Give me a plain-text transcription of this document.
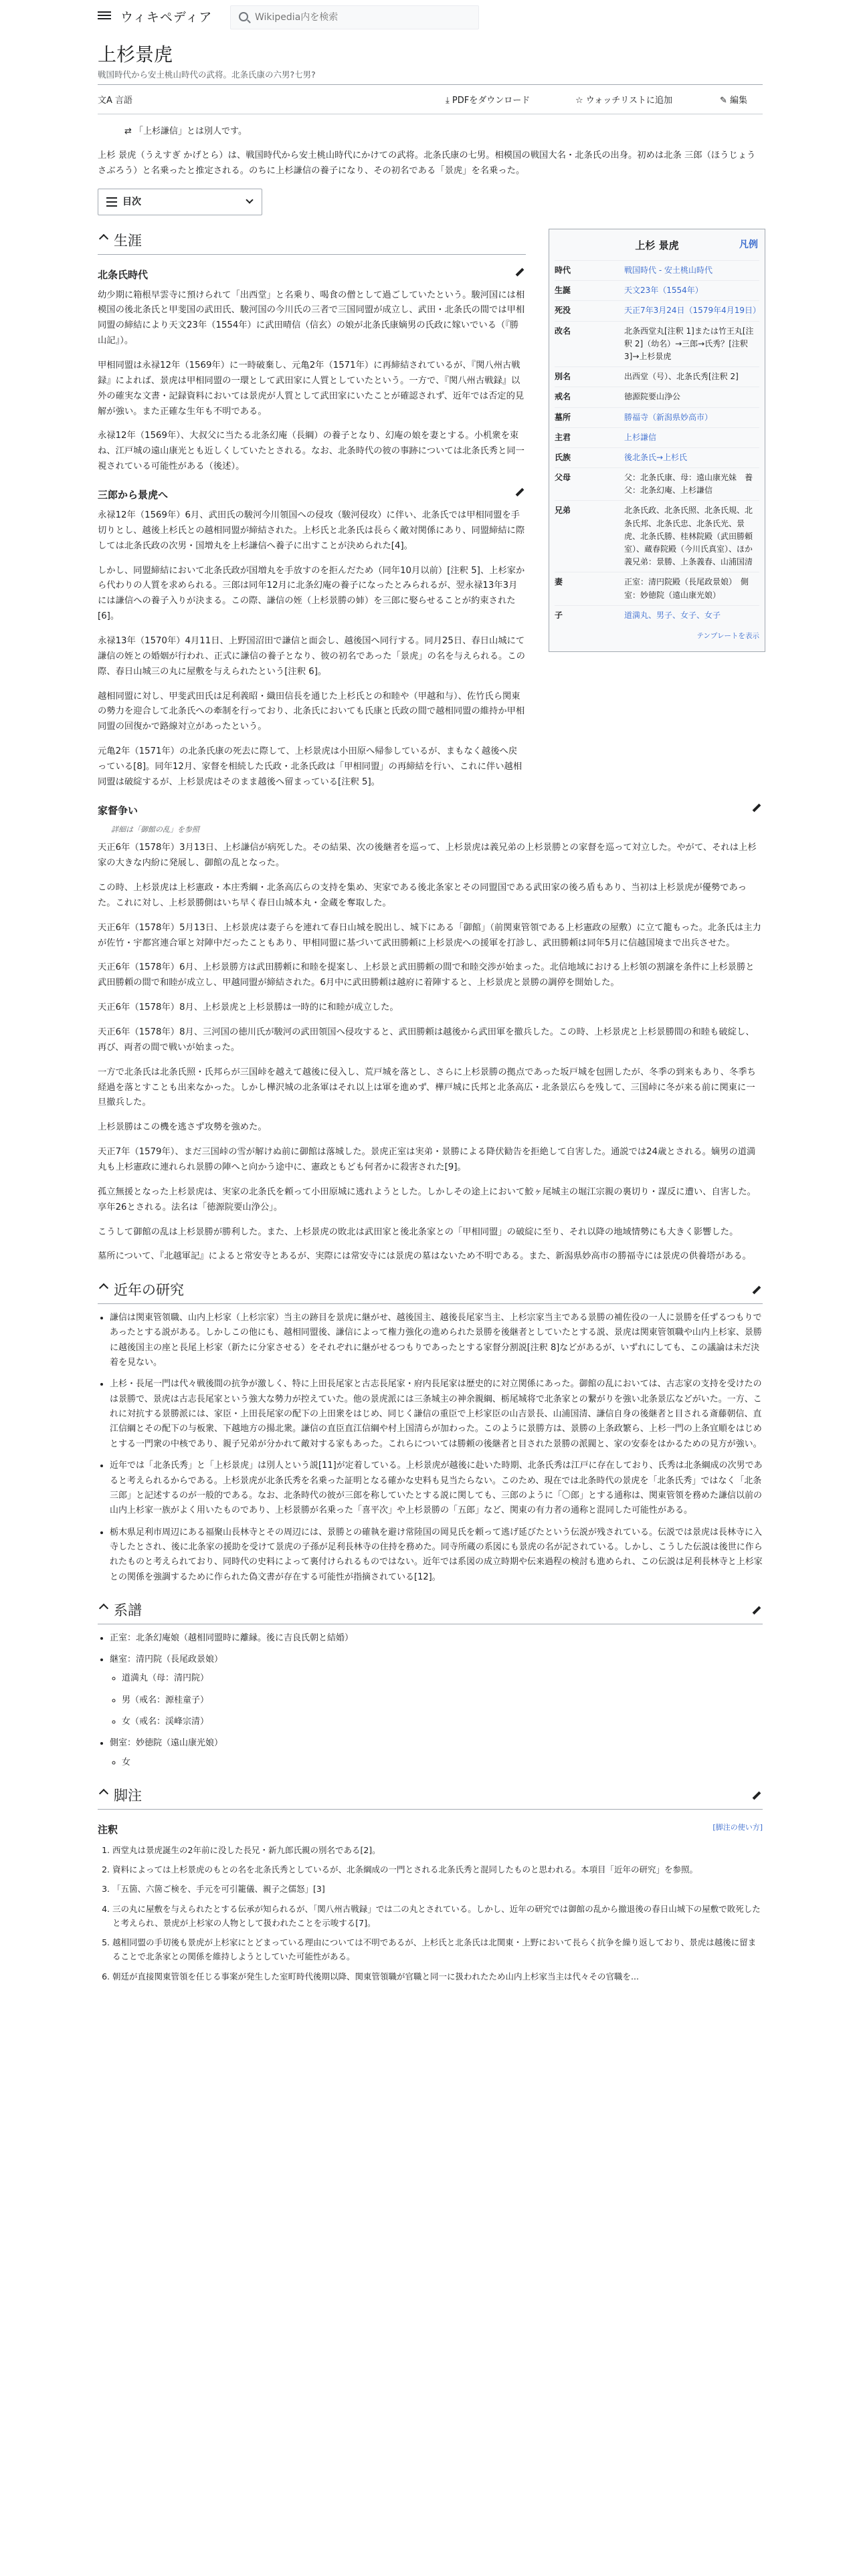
ウィキペディア
Wikipedia内を検索
上杉景虎
戦国時代から安土桃山時代の武将。北条氏康の六男?七男?
文A 言語	⤓ PDFをダウンロード	☆ ウォッチリストに追加	✎ 編集
⇄ 「上杉謙信」とは別人です。

上杉 景虎（うえすぎ かげとら）は、戦国時代から安土桃山時代にかけての武将。北条氏康の七男。相模国の戦国大名・北条氏の出身。初めは北条 三郎（ほうじょう さぶろう）と名乗ったと推定される。のちに上杉謙信の養子になり、その初名である「景虎」を名乗った。

目次
生涯
北条氏時代

幼少期に箱根早雲寺に預けられて「出西堂」と名乗り、喝食の僧として過ごしていたという。駿河国には相模国の後北条氏と甲斐国の武田氏、駿河国の今川氏の三者で三国同盟が成立し、武田・北条氏の間では甲相同盟の締結により天文23年（1554年）に武田晴信（信玄）の娘が北条氏康嫡男の氏政に嫁いでいる（『勝山記』）。

甲相同盟は永禄12年（1569年）に一時破棄し、元亀2年（1571年）に再締結されているが、『関八州古戦録』によれば、景虎は甲相同盟の一環として武田家に人質としていたという。一方で、『関八州古戦録』以外の確実な文書・記録資料においては景虎が人質として武田家にいたことが確認されず、近年では否定的見解が強い。また正確な生年も不明である。

永禄12年（1569年）、大叔父に当たる北条幻庵（長綱）の養子となり、幻庵の娘を妻とする。小机衆を束ね、江戸城の遠山康光とも近しくしていたとされる。なお、北条時代の彼の事跡については北条氏秀と同一視されている可能性がある（後述）。

三郎から景虎へ

永禄12年（1569年）6月、武田氏の駿河今川領国への侵攻（駿河侵攻）に伴い、北条氏では甲相同盟を手切りとし、越後上杉氏との越相同盟が締結された。上杉氏と北条氏は長らく敵対関係にあり、同盟締結に際しては北条氏政の次男・国増丸を上杉謙信へ養子に出すことが決められた[4]。

しかし、同盟締結において北条氏政が国増丸を手放すのを拒んだため（同年10月以前）[注釈 5]、上杉家から代わりの人質を求められる。三郎は同年12月に北条幻庵の養子になったとみられるが、翌永禄13年3月には謙信への養子入りが決まる。この際、謙信の姪（上杉景勝の姉）を三郎に娶らせることが約束された[6]。

永禄13年（1570年）4月11日、上野国沼田で謙信と面会し、越後国へ同行する。同月25日、春日山城にて謙信の姪との婚姻が行われ、正式に謙信の養子となり、彼の初名であった「景虎」の名を与えられる。この際、春日山城三の丸に屋敷を与えられたという[注釈 6]。

越相同盟に対し、甲斐武田氏は足利義昭・織田信長を通じた上杉氏との和睦や（甲越和与）、佐竹氏ら関東の勢力を迎合して北条氏への牽制を行っており、北条氏においても氏康と氏政の間で越相同盟の維持か甲相同盟の回復かで路線対立があったという。

元亀2年（1571年）の北条氏康の死去に際して、上杉景虎は小田原へ帰参しているが、まもなく越後へ戻っている[8]。同年12月、家督を相続した氏政・北条氏政は「甲相同盟」の再締結を行い、これに伴い越相同盟は破綻するが、上杉景虎はそのまま越後へ留まっている[注釈 5]。

家督争い
詳細は「御館の乱」を参照

天正6年（1578年）3月13日、上杉謙信が病死した。その結果、次の後継者を巡って、上杉景虎は義兄弟の上杉景勝との家督を巡って対立した。やがて、それは上杉家の大きな内紛に発展し、御館の乱となった。

この時、上杉景虎は上杉憲政・本庄秀綱・北条高広らの支持を集め、実家である後北条家とその同盟国である武田家の後ろ盾もあり、当初は上杉景虎が優勢であった。これに対し、上杉景勝側はいち早く春日山城本丸・金蔵を奪取した。

天正6年（1578年）5月13日、上杉景虎は妻子らを連れて春日山城を脱出し、城下にある「御館」（前関東管領である上杉憲政の屋敷）に立て籠もった。北条氏は主力が佐竹・宇都宮連合軍と対陣中だったこともあり、甲相同盟に基づいて武田勝頼に上杉景虎への援軍を打診し、武田勝頼は同年5月に信越国境まで出兵させた。

天正6年（1578年）6月、上杉景勝方は武田勝頼に和睦を提案し、上杉景と武田勝頼の間で和睦交渉が始まった。北信地域における上杉領の割譲を条件に上杉景勝と武田勝頼の間で和睦が成立し、甲越同盟が締結された。6月中に武田勝頼は越府に着陣すると、上杉景虎と景勝の調停を開始した。

天正6年（1578年）8月、上杉景虎と上杉景勝は一時的に和睦が成立した。

天正6年（1578年）8月、三河国の徳川氏が駿河の武田領国へ侵攻すると、武田勝頼は越後から武田軍を撤兵した。この時、上杉景虎と上杉景勝間の和睦も破綻し、再び、両者の間で戦いが始まった。

一方で北条氏は北条氏照・氏邦らが三国峠を越えて越後に侵入し、荒戸城を落とし、さらに上杉景勝の拠点であった坂戸城を包囲したが、冬季の到来もあり、冬季ち経過を落とすことも出来なかった。しかし樺沢城の北条軍はそれ以上は軍を進めず、樺戸城に氏邦と北条高広・北条景広らを残して、三国峠に冬が来る前に関東に一旦撤兵した。

上杉景勝はこの機を逃さず攻勢を強めた。

天正7年（1579年）、まだ三国峠の雪が解けぬ前に御館は落城した。景虎正室は実弟・景勝による降伏勧告を拒絶して自害した。通説では24歳とされる。嫡男の道満丸も上杉憲政に連れられ景勝の陣へと向かう途中に、憲政ともども何者かに殺害された[9]。

孤立無援となった上杉景虎は、実家の北条氏を頼って小田原城に逃れようとした。しかしその途上において鮫ヶ尾城主の堀江宗親の裏切り・謀反に遭い、自害した。享年26とされる。法名は「徳源院要山浄公」。

こうして御館の乱は上杉景勝が勝利した。また、上杉景虎の敗北は武田家と後北条家との「甲相同盟」の破綻に至り、それ以降の地域情勢にも大きく影響した。

墓所について、『北越軍記』によると常安寺とあるが、実際には常安寺には景虎の墓はないため不明である。また、新潟県妙高市の勝福寺には景虎の供養塔がある。

近年の研究
• 謙信は関東管領職、山内上杉家（上杉宗家）当主の跡目を景虎に継がせ、越後国主、越後長尾家当主、上杉宗家当主である景勝の補佐役の一人に景勝を任ずるつもりであったとする説がある。しかしこの他にも、越相同盟後、謙信によって権力強化の進められた景勝を後継者としていたとする説、景虎は関東管領職や山内上杉家、景勝に越後国主の座と長尾上杉家（新たに分家させる）をそれぞれに継がせるつもりであったとする家督分割説[注釈 8]などがあるが、いずれにしても、この議論は未だ決着を見ない。
• 上杉・長尾一門は代々戦後間の抗争が激しく、特に上田長尾家と古志長尾家・府内長尾家は歴史的に対立関係にあった。御館の乱においては、古志家の支持を受けたのは景勝で、景虎は古志長尾家という強大な勢力が控えていた。他の景虎派には三条城主の神余親綱、栃尾城将で北条家との繋がりを強い北条景広などがいた。一方、これに対抗する景勝派には、家臣・上田長尾家の配下の上田衆をはじめ、同じく謙信の重臣で上杉家臣の山吉景長、山浦国清、謙信自身の後継者と目される斎藤朝信、直江信綱とその配下の与板衆、下越地方の揚北衆。謙信の直臣直江信綱や村上国清らが加わった。このように景勝方は、景勝の上条政繁ら、上杉一門の上条宜順をはじめとする一門衆の中核であり、親子兄弟が分かれて敵対する家もあった。これらについては勝頼の後継者と目された景勝の派閥と、家の安泰をはかるための見方が強い。
• 近年では「北条氏秀」と「上杉景虎」は別人という説[11]が定着している。上杉景虎が越後に赴いた時期、北条氏秀は江戸に存在しており、氏秀は北条綱成の次男であると考えられるからである。上杉景虎が北条氏秀を名乗った証明となる確かな史料も見当たらない。このため、現在では北条時代の景虎を「北条氏秀」ではなく「北条三郎」と記述するのが一般的である。なお、北条時代の彼が三郎を称していたとする説に関しても、三郎のように「〇郎」とする通称は、関東管領を務めた謙信以前の山内上杉家一族がよく用いたものであり、上杉景勝が名乗った「喜平次」や上杉景勝の「五郎」など、関東の有力者の通称と混同した可能性がある。
• 栃木県足利市周辺にある福聚山長林寺とその周辺には、景勝との確執を避け常陸国の岡見氏を頼って逃げ延びたという伝説が残されている。伝説では景虎は長林寺に入寺したとされ、後に北条家の援助を受けて景虎の子孫が足利長林寺の住持を務めた。同寺所蔵の系図にも景虎の名が記されている。しかし、こうした伝説は後世に作られたものと考えられており、同時代の史料によって裏付けられるものではない。近年では系図の成立時期や伝来過程の検討も進められ、この伝説は足利長林寺と上杉家との関係を強調するために作られた偽文書が存在する可能性が指摘されている[12]。
系譜
• 正室：北条幻庵娘（越相同盟時に離縁。後に吉良氏朝と結婚）
• 継室：清円院（長尾政景娘）
◦ 道満丸（母：清円院）
◦ 男（戒名：源桂童子）
◦ 女（戒名：渓峰宗清）
• 側室：妙徳院（遠山康光娘）
◦ 女
脚注
注釈	[脚注の使い方]
1. 西堂丸は景虎誕生の2年前に没した長兄・新九郎氏親の別名である[2]。
2. 資料によっては上杉景虎のもとの名を北条氏秀としているが、北条綱成の一門とされる北条氏秀と混同したものと思われる。本項目「近年の研究」を参照。
3. 「五箇、六箇ご検を、手元を可引籠儀、親子之儒怒」[3]
4. 三の丸に屋敷を与えられたとする伝承が知られるが、「関八州古戦録」では二の丸とされている。しかし、近年の研究では御館の乱から撤退後の春日山城下の屋敷で敗死したと考えられ、景虎が上杉家の人物として扱われたことを示唆する[7]。
5. 越相同盟の手切後も景虎が上杉家にとどまっている理由については不明であるが、上杉氏と北条氏は北関東・上野において長らく抗争を繰り返しており、景虎は越後に留まることで北条家との関係を維持しようとしていた可能性がある。
6. 朝廷が直接関東管領を任じる事案が発生した室町時代後期以降、関東管領職が官職と同一に扱われたため山内上杉家当主は代々その官職を...
上杉 景虎	凡例
時代	戦国時代 - 安土桃山時代
生誕	天文23年（1554年）
死没	天正7年3月24日（1579年4月19日）
改名	北条西堂丸[注釈 1]または竹王丸[注釈 2]（幼名）→三郎→氏秀？[注釈 3]→上杉景虎
別名	出西堂（号）、北条氏秀[注釈 2]
戒名	徳源院要山浄公
墓所	勝福寺（新潟県妙高市）
主君	上杉謙信
氏族	後北条氏→上杉氏
父母	父：北条氏康、母：遠山康光妹　養父：北条幻庵、上杉謙信
兄弟	北条氏政、北条氏照、北条氏規、北条氏邦、北条氏忠、北条氏光、景虎、北条氏勝、桂林院殿（武田勝頼室）、蔵春院殿（今川氏真室）、ほか　義兄弟：景勝、上条義春、山浦国清
妻	正室：清円院殿（長尾政景娘）　側室：妙徳院（遠山康光娘）
子	道満丸、男子、女子、女子
テンプレートを表示
